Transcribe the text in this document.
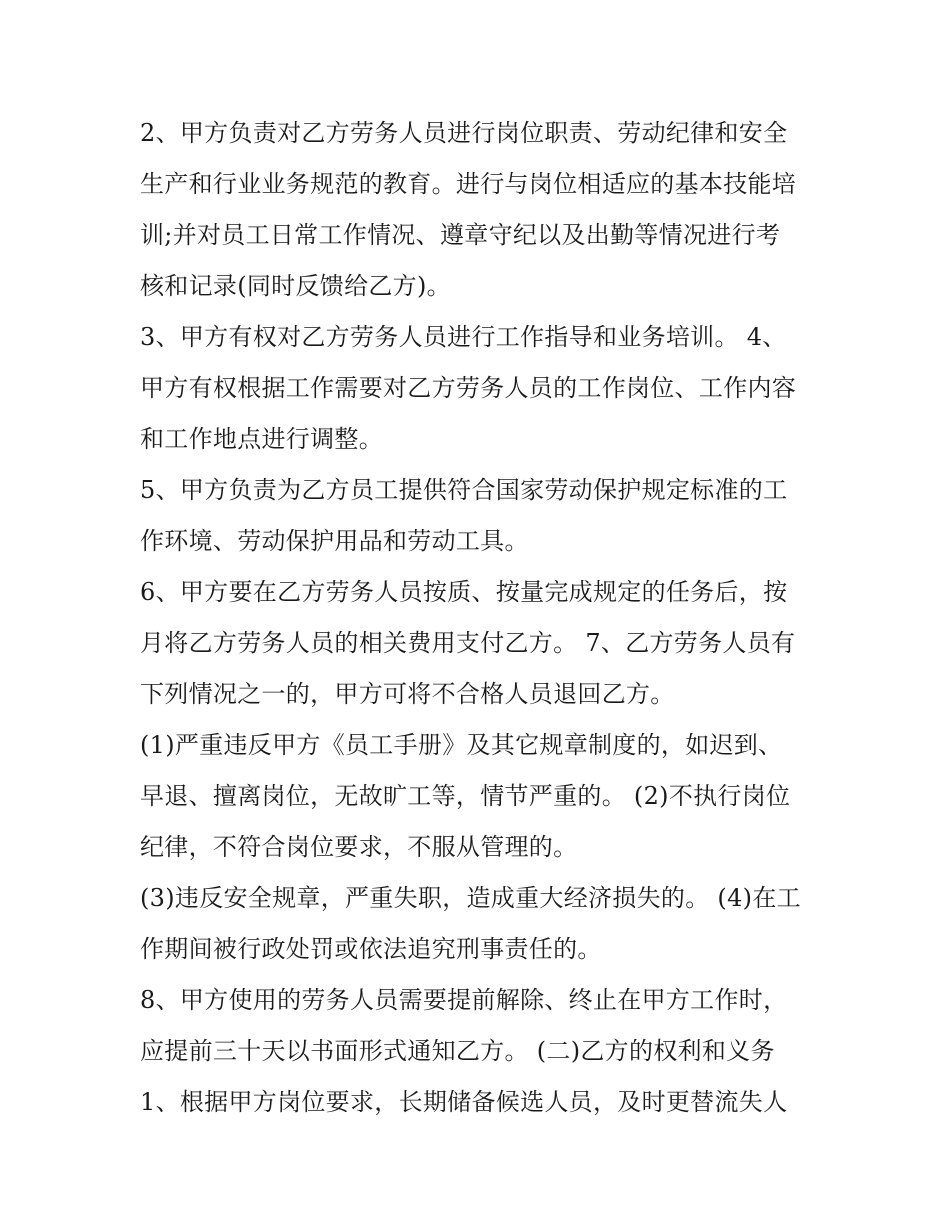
2、甲方负责对乙方劳务人员进行岗位职责、劳动纪律和安全
生产和行业业务规范的教育。进行与岗位相适应的基本技能培
训;并对员工日常工作情况、遵章守纪以及出勤等情况进行考
核和记录(同时反馈给乙方)。
3、甲方有权对乙方劳务人员进行工作指导和业务培训。 4、
甲方有权根据工作需要对乙方劳务人员的工作岗位、工作内容
和工作地点进行调整。
5、甲方负责为乙方员工提供符合国家劳动保护规定标准的工
作环境、劳动保护用品和劳动工具。
6、甲方要在乙方劳务人员按质、按量完成规定的任务后，按
月将乙方劳务人员的相关费用支付乙方。 7、乙方劳务人员有
下列情况之一的，甲方可将不合格人员退回乙方。
(1)严重违反甲方《员工手册》及其它规章制度的，如迟到、
早退、擅离岗位，无故旷工等，情节严重的。 (2)不执行岗位
纪律，不符合岗位要求，不服从管理的。
(3)违反安全规章，严重失职，造成重大经济损失的。 (4)在工
作期间被行政处罚或依法追究刑事责任的。
8、甲方使用的劳务人员需要提前解除、终止在甲方工作时，
应提前三十天以书面形式通知乙方。 (二)乙方的权利和义务
1、根据甲方岗位要求，长期储备候选人员，及时更替流失人
